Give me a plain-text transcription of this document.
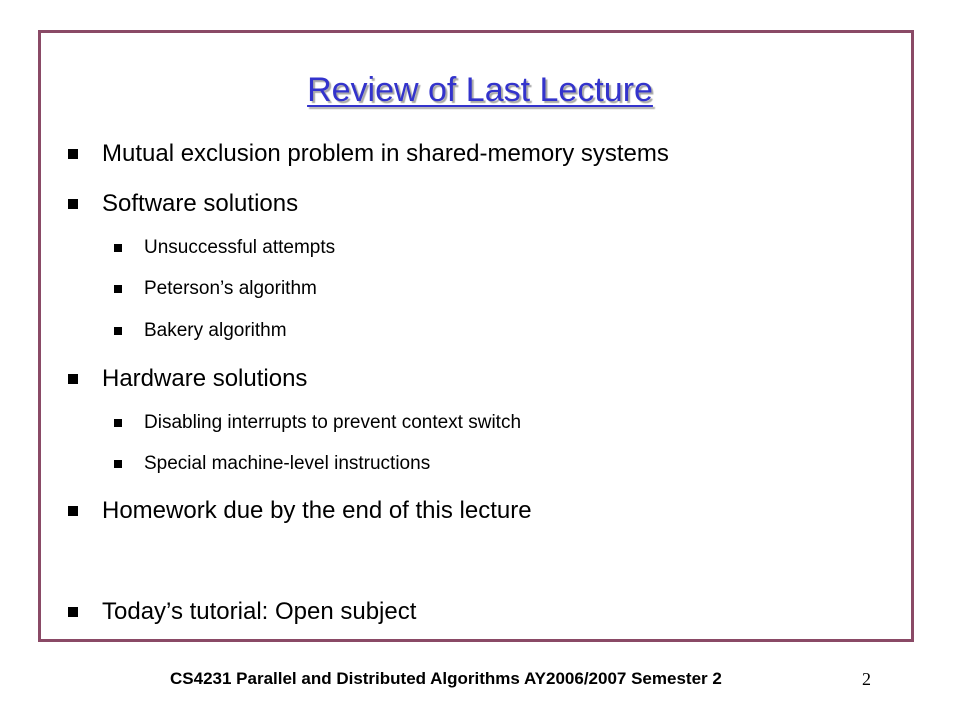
Review of Last Lecture
Mutual exclusion problem in shared-memory systems
Software solutions
Unsuccessful attempts
Peterson’s algorithm
Bakery algorithm
Hardware solutions
Disabling interrupts to prevent context switch
Special machine-level instructions
Homework due by the end of this lecture
Today’s tutorial: Open subject
CS4231 Parallel and Distributed Algorithms AY2006/2007 Semester 2	2
